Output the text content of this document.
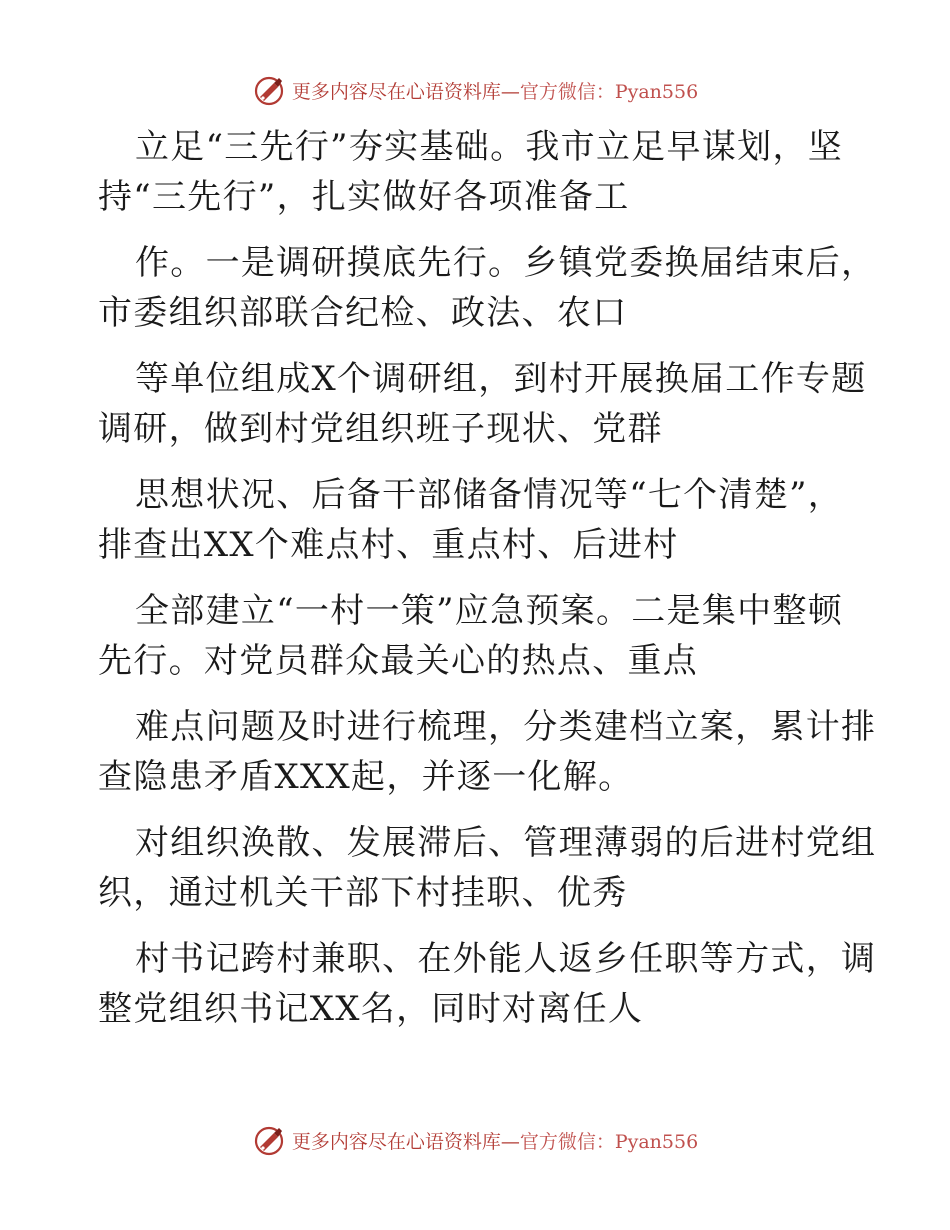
更多内容尽在心语资料库—官方微信：Pyan556
立足“三先行”夯实基础。我市立足早谋划，坚
持“三先行”，扎实做好各项准备工
作。一是调研摸底先行。乡镇党委换届结束后，
市委组织部联合纪检、政法、农口
等单位组成X个调研组，到村开展换届工作专题
调研，做到村党组织班子现状、党群
思想状况、后备干部储备情况等“七个清楚”，
排查出XX个难点村、重点村、后进村
全部建立“一村一策”应急预案。二是集中整顿
先行。对党员群众最关心的热点、重点
难点问题及时进行梳理，分类建档立案，累计排
查隐患矛盾XXX起，并逐一化解。
对组织涣散、发展滞后、管理薄弱的后进村党组
织，通过机关干部下村挂职、优秀
村书记跨村兼职、在外能人返乡任职等方式，调
整党组织书记XX名，同时对离任人
更多内容尽在心语资料库—官方微信：Pyan556
